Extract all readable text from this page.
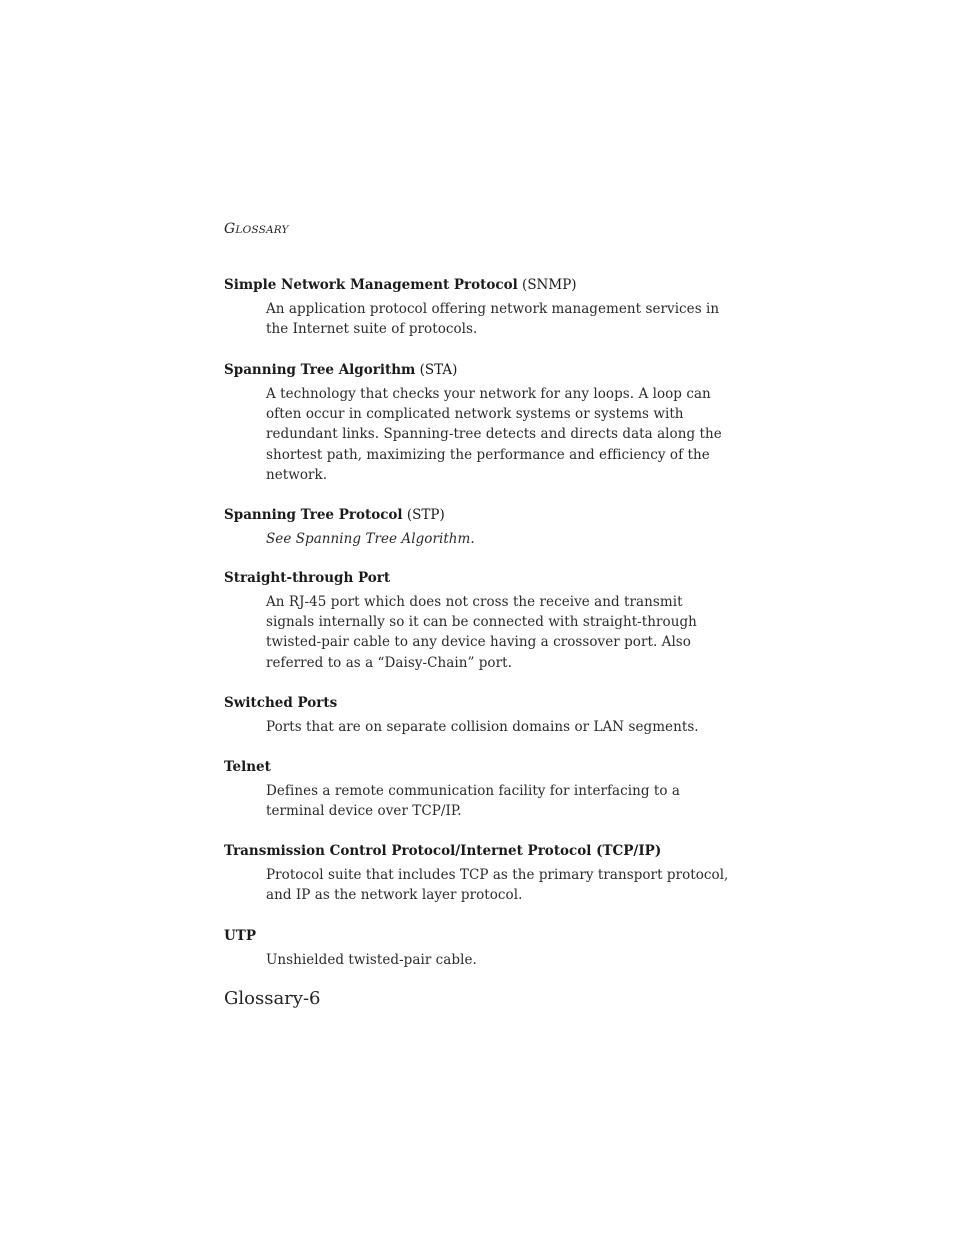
GLOSSARY
Simple Network Management Protocol (SNMP)
An application protocol offering network management services in
the Internet suite of protocols.
Spanning Tree Algorithm (STA)
A technology that checks your network for any loops. A loop can
often occur in complicated network systems or systems with
redundant links. Spanning-tree detects and directs data along the
shortest path, maximizing the performance and efficiency of the
network.
Spanning Tree Protocol (STP)
See Spanning Tree Algorithm.
Straight-through Port
An RJ-45 port which does not cross the receive and transmit
signals internally so it can be connected with straight-through
twisted-pair cable to any device having a crossover port. Also
referred to as a “Daisy-Chain” port.
Switched Ports
Ports that are on separate collision domains or LAN segments.
Telnet
Defines a remote communication facility for interfacing to a
terminal device over TCP/IP.
Transmission Control Protocol/Internet Protocol (TCP/IP)
Protocol suite that includes TCP as the primary transport protocol,
and IP as the network layer protocol.
UTP
Unshielded twisted-pair cable.
Glossary-6
